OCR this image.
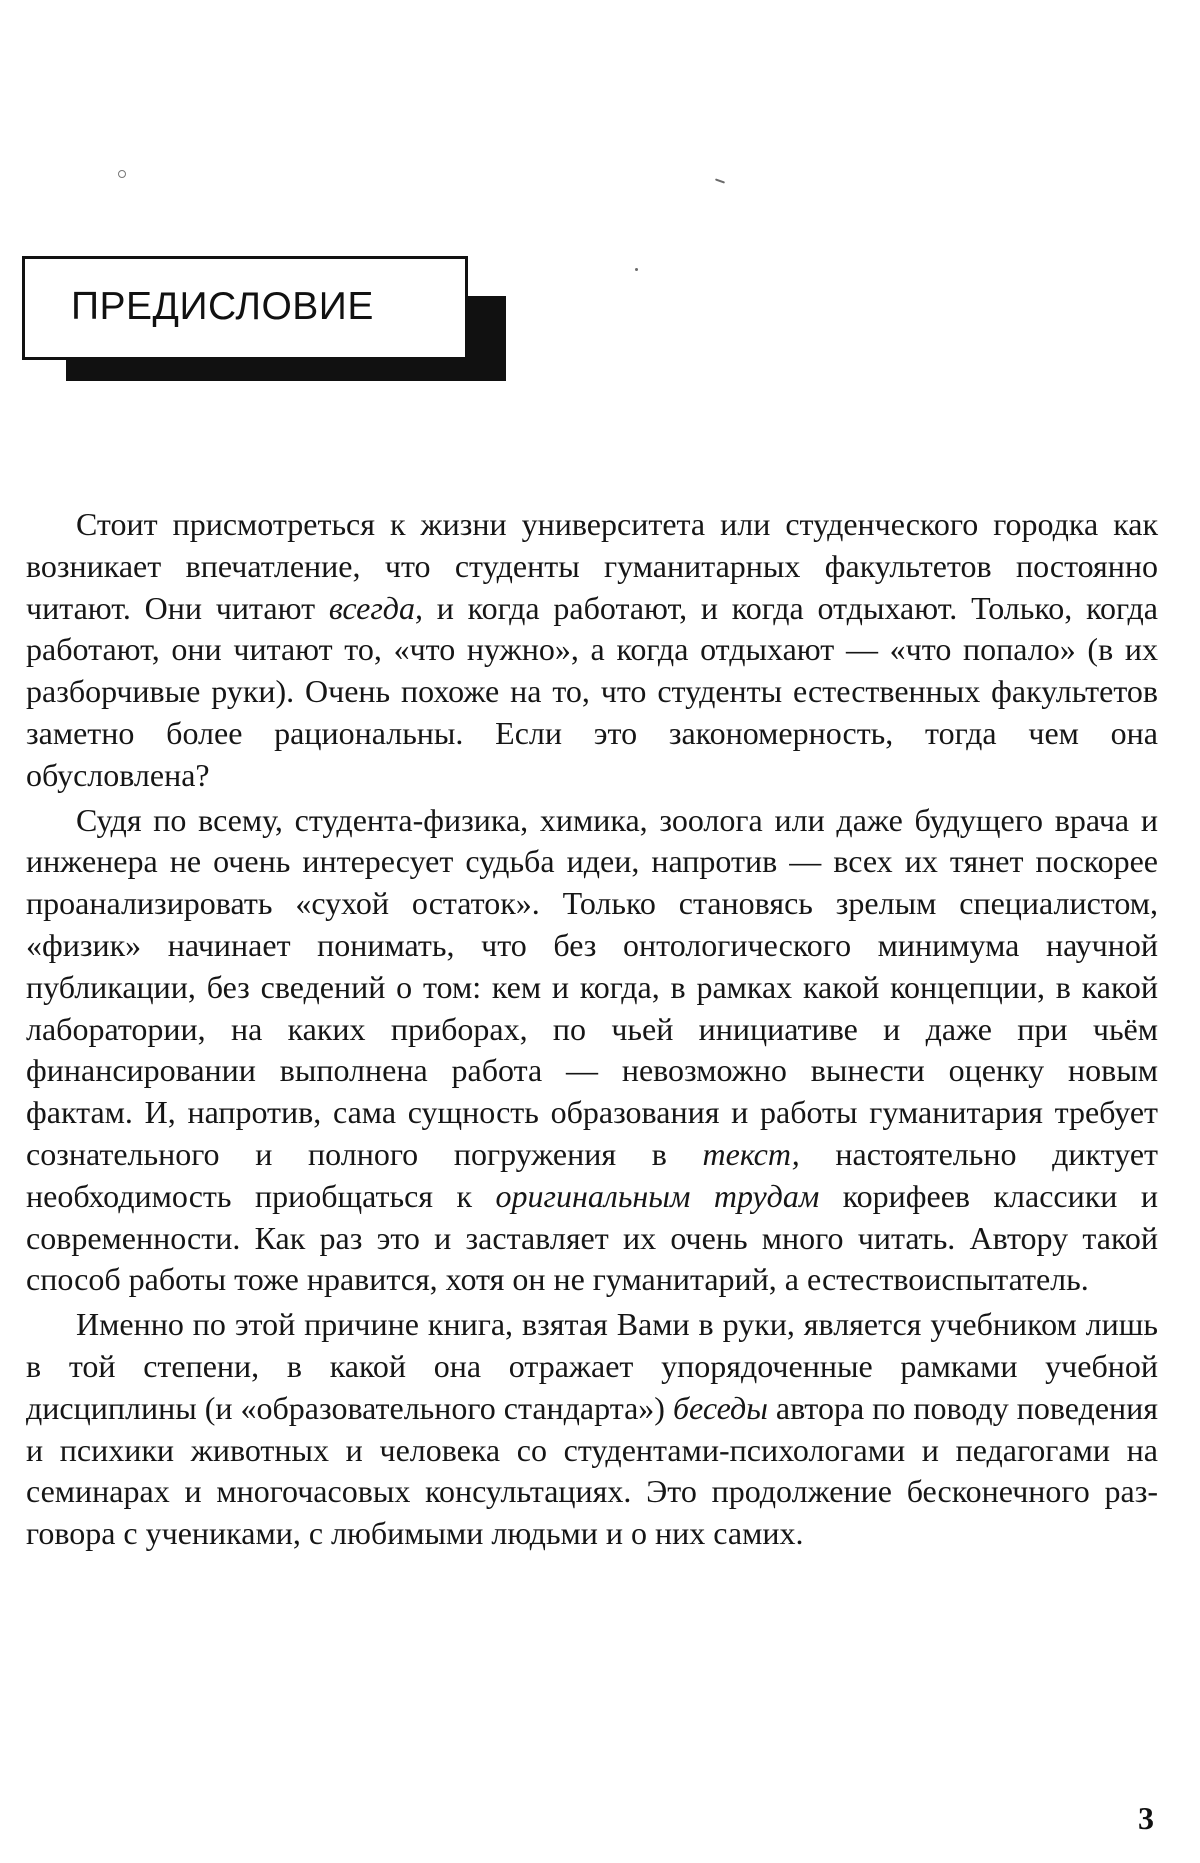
ПРЕДИСЛОВИЕ

Стоит присмотреться к жизни университета или студенческого городка как возникает впечатление, что студенты гуманитарных факультетов постоянно читают. Они читают всегда, и когда работают, и когда отдыхают. Только, когда работают, они читают то, «что нужно», а когда отдыхают — «что попало» (в их разборчивые руки). Очень похоже на то, что студенты естественных факультетов заметно более рациональны. Если это закономерность, тогда чем она обусловлена?

Судя по всему, студента-физика, химика, зоолога или даже будущего врача и инженера не очень интересует судьба идеи, напротив — всех их тянет поскорее проанализировать «сухой остаток». Только становясь зрелым специалистом, «физик» начинает понимать, что без онтологического минимума научной публикации, без сведений о том: кем и когда, в рамках какой концепции, в какой лаборатории, на каких приборах, по чьей инициативе и даже при чьём финансировании выполнена работа — невозможно вынести оценку новым фактам. И, напротив, сама сущность образования и работы гуманитария требует сознательного и полного погружения в текст, настоятельно диктует необходимость приобщаться к оригинальным трудам корифеев классики и современности. Как раз это и заставляет их очень много читать. Автору такой способ работы тоже нравится, хотя он не гуманитарий, а естествоиспытатель.

Именно по этой причине книга, взятая Вами в руки, является учебником лишь в той степени, в какой она отражает упорядоченные рамками учебной дисциплины (и «образовательного стандарта») беседы автора по поводу поведения и психики животных и человека со студентами-психологами и педагогами на семинарах и многочасовых консультациях. Это продолжение бесконечного разговора с учениками, с любимыми людьми и о них самих.

3
